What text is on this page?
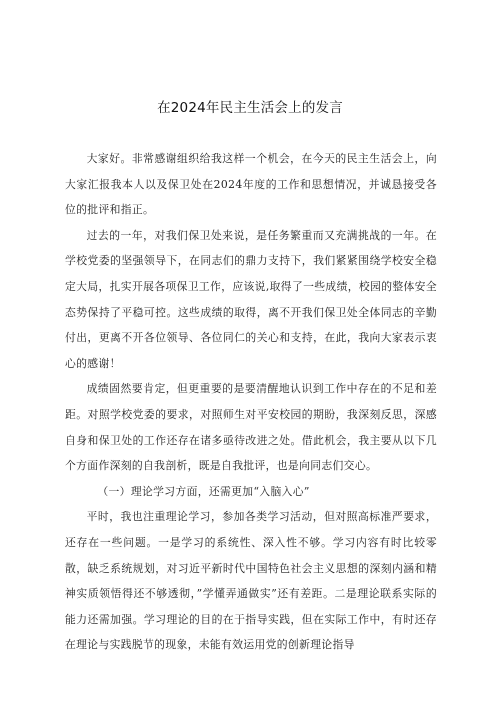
在2024年民主生活会上的发言

大家好。非常感谢组织给我这样一个机会，在今天的民主生活会上，向大家汇报我本人以及保卫处在2024年度的工作和思想情况，并诚恳接受各位的批评和指正。

过去的一年，对我们保卫处来说，是任务繁重而又充满挑战的一年。在学校党委的坚强领导下，在同志们的鼎力支持下，我们紧紧围绕学校安全稳定大局，扎实开展各项保卫工作，应该说,取得了一些成绩，校园的整体安全态势保持了平稳可控。这些成绩的取得，离不开我们保卫处全体同志的辛勤付出，更离不开各位领导、各位同仁的关心和支持，在此，我向大家表示衷心的感谢！

成绩固然要肯定，但更重要的是要清醒地认识到工作中存在的不足和差距。对照学校党委的要求，对照师生对平安校园的期盼，我深刻反思，深感自身和保卫处的工作还存在诸多亟待改进之处。借此机会，我主要从以下几个方面作深刻的自我剖析，既是自我批评，也是向同志们交心。

（一）理论学习方面，还需更加“入脑入心”

平时，我也注重理论学习，参加各类学习活动，但对照高标准严要求，还存在一些问题。一是学习的系统性、深入性不够。学习内容有时比较零散，缺乏系统规划，对习近平新时代中国特色社会主义思想的深刻内涵和精神实质领悟得还不够透彻，”学懂弄通做实”还有差距。二是理论联系实际的能力还需加强。学习理论的目的在于指导实践，但在实际工作中，有时还存在理论与实践脱节的现象，未能有效运用党的创新理论指导
